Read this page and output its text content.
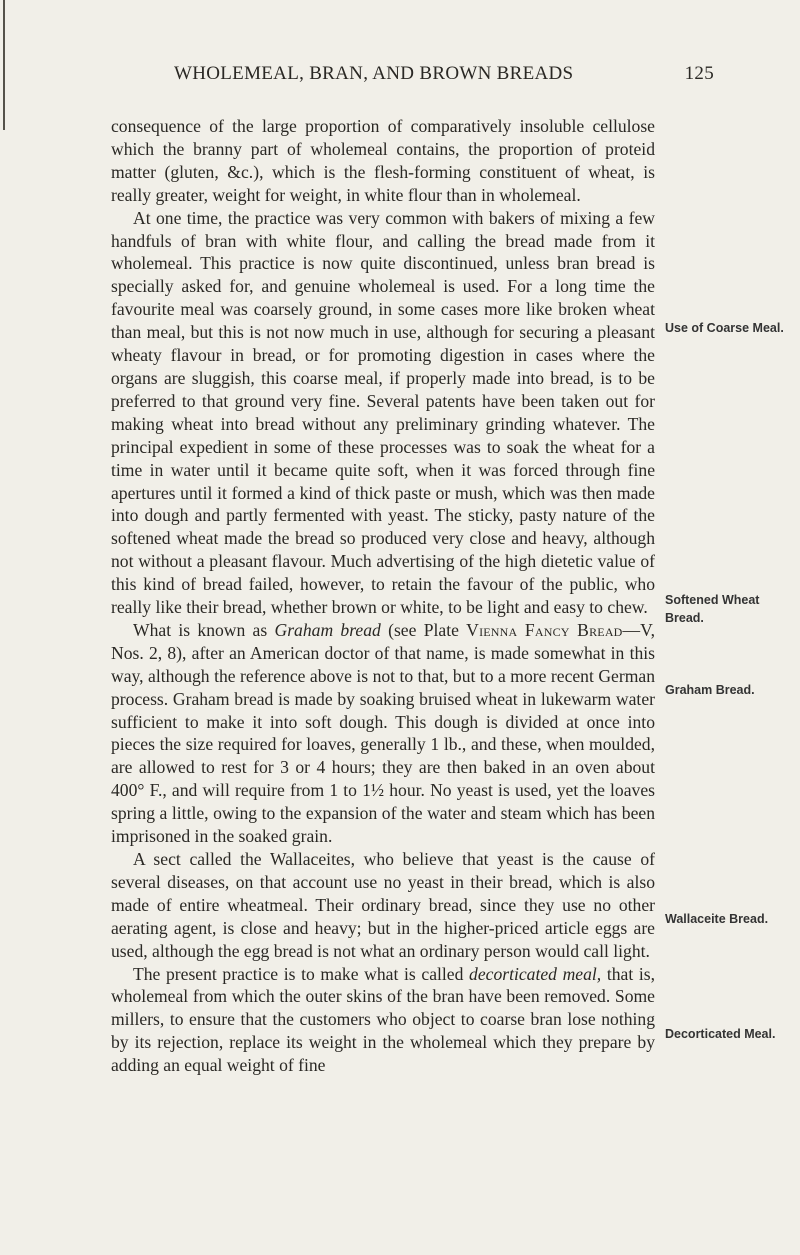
WHOLEMEAL, BRAN, AND BROWN BREADS	125

consequence of the large proportion of comparatively insoluble cellulose which the branny part of wholemeal contains, the proportion of proteid matter (gluten, &c.), which is the flesh-forming constituent of wheat, is really greater, weight for weight, in white flour than in wholemeal.

Use of Coarse Meal.
Softened Wheat Bread.
At one time, the practice was very common with bakers of mixing a few handfuls of bran with white flour, and calling the bread made from it wholemeal. This practice is now quite discontinued, unless bran bread is specially asked for, and genuine wholemeal is used. For a long time the favourite meal was coarsely ground, in some cases more like broken wheat than meal, but this is not now much in use, although for securing a pleasant wheaty flavour in bread, or for promoting digestion in cases where the organs are sluggish, this coarse meal, if properly made into bread, is to be preferred to that ground very fine. Several patents have been taken out for making wheat into bread without any preliminary grinding whatever. The principal expedient in some of these processes was to soak the wheat for a time in water until it became quite soft, when it was forced through fine apertures until it formed a kind of thick paste or mush, which was then made into dough and partly fermented with yeast. The sticky, pasty nature of the softened wheat made the bread so produced very close and heavy, although not without a pleasant flavour. Much advertising of the high dietetic value of this kind of bread failed, however, to retain the favour of the public, who really like their bread, whether brown or white, to be light and easy to chew.

Graham Bread.
What is known as Graham bread (see Plate Vienna Fancy Bread—V, Nos. 2, 8), after an American doctor of that name, is made somewhat in this way, although the reference above is not to that, but to a more recent German process. Graham bread is made by soaking bruised wheat in lukewarm water sufficient to make it into soft dough. This dough is divided at once into pieces the size required for loaves, generally 1 lb., and these, when moulded, are allowed to rest for 3 or 4 hours; they are then baked in an oven about 400° F., and will require from 1 to 1½ hour. No yeast is used, yet the loaves spring a little, owing to the expansion of the water and steam which has been imprisoned in the soaked grain.

Wallaceite Bread.
A sect called the Wallaceites, who believe that yeast is the cause of several diseases, on that account use no yeast in their bread, which is also made of entire wheatmeal. Their ordinary bread, since they use no other aerating agent, is close and heavy; but in the higher-priced article eggs are used, although the egg bread is not what an ordinary person would call light.

Decorticated Meal.
The present practice is to make what is called decorticated meal, that is, wholemeal from which the outer skins of the bran have been removed. Some millers, to ensure that the customers who object to coarse bran lose nothing by its rejection, replace its weight in the wholemeal which they prepare by adding an equal weight of fine
